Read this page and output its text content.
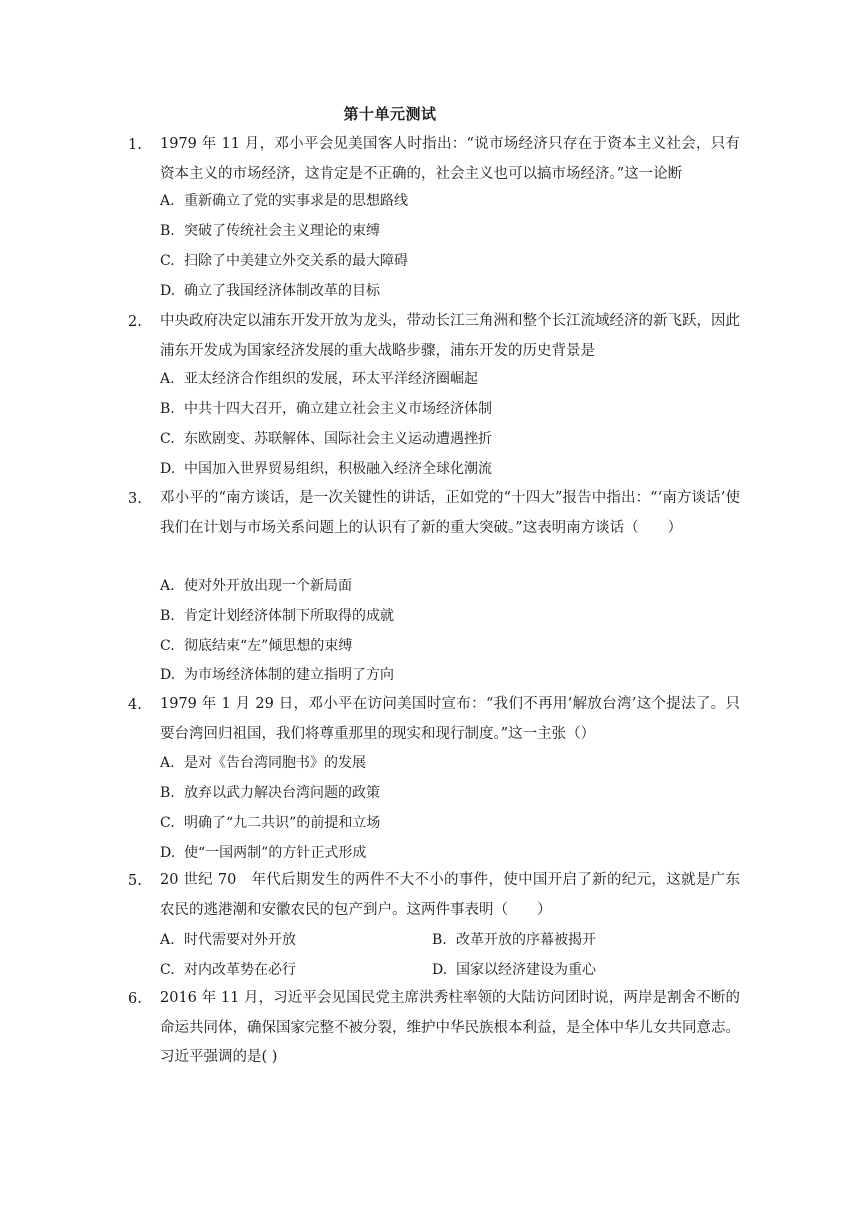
第十单元测试
1. 1979 年 11 月，邓小平会见美国客人时指出：“说市场经济只存在于资本主义社会，只有资本主义的市场经济，这肯定是不正确的，社会主义也可以搞市场经济。”这一论断
A. 重新确立了党的实事求是的思想路线
B. 突破了传统社会主义理论的束缚
C. 扫除了中美建立外交关系的最大障碍
D. 确立了我国经济体制改革的目标
2. 中央政府决定以浦东开发开放为龙头，带动长江三角洲和整个长江流域经济的新飞跃，因此浦东开发成为国家经济发展的重大战略步骤，浦东开发的历史背景是
A. 亚太经济合作组织的发展，环太平洋经济圈崛起
B. 中共十四大召开，确立建立社会主义市场经济体制
C. 东欧剧变、苏联解体、国际社会主义运动遭遇挫折
D. 中国加入世界贸易组织，积极融入经济全球化潮流
3. 邓小平的“南方谈话，是一次关键性的讲话，正如党的“十四大”报告中指出：“‘南方谈话’使我们在计划与市场关系问题上的认识有了新的重大突破。”这表明南方谈话（　　）
A. 使对外开放出现一个新局面
B. 肯定计划经济体制下所取得的成就
C. 彻底结束“左”倾思想的束缚
D. 为市场经济体制的建立指明了方向
4. 1979 年 1 月 29 日，邓小平在访问美国时宣布：“我们不再用‘解放台湾’这个提法了。只要台湾回归祖国，我们将尊重那里的现实和现行制度。”这一主张（）
A. 是对《告台湾同胞书》的发展
B. 放弃以武力解决台湾问题的政策
C. 明确了“九二共识”的前提和立场
D. 使“一国两制”的方针正式形成
5. 20 世纪 70　年代后期发生的两件不大不小的事件，使中国开启了新的纪元，这就是广东农民的逃港潮和安徽农民的包产到户。这两件事表明（　　）
A. 时代需要对外开放	B. 改革开放的序幕被揭开
C. 对内改革势在必行	D. 国家以经济建设为重心
6. 2016 年 11 月，习近平会见国民党主席洪秀柱率领的大陆访问团时说，两岸是割舍不断的命运共同体，确保国家完整不被分裂，维护中华民族根本利益，是全体中华儿女共同意志。习近平强调的是( )
